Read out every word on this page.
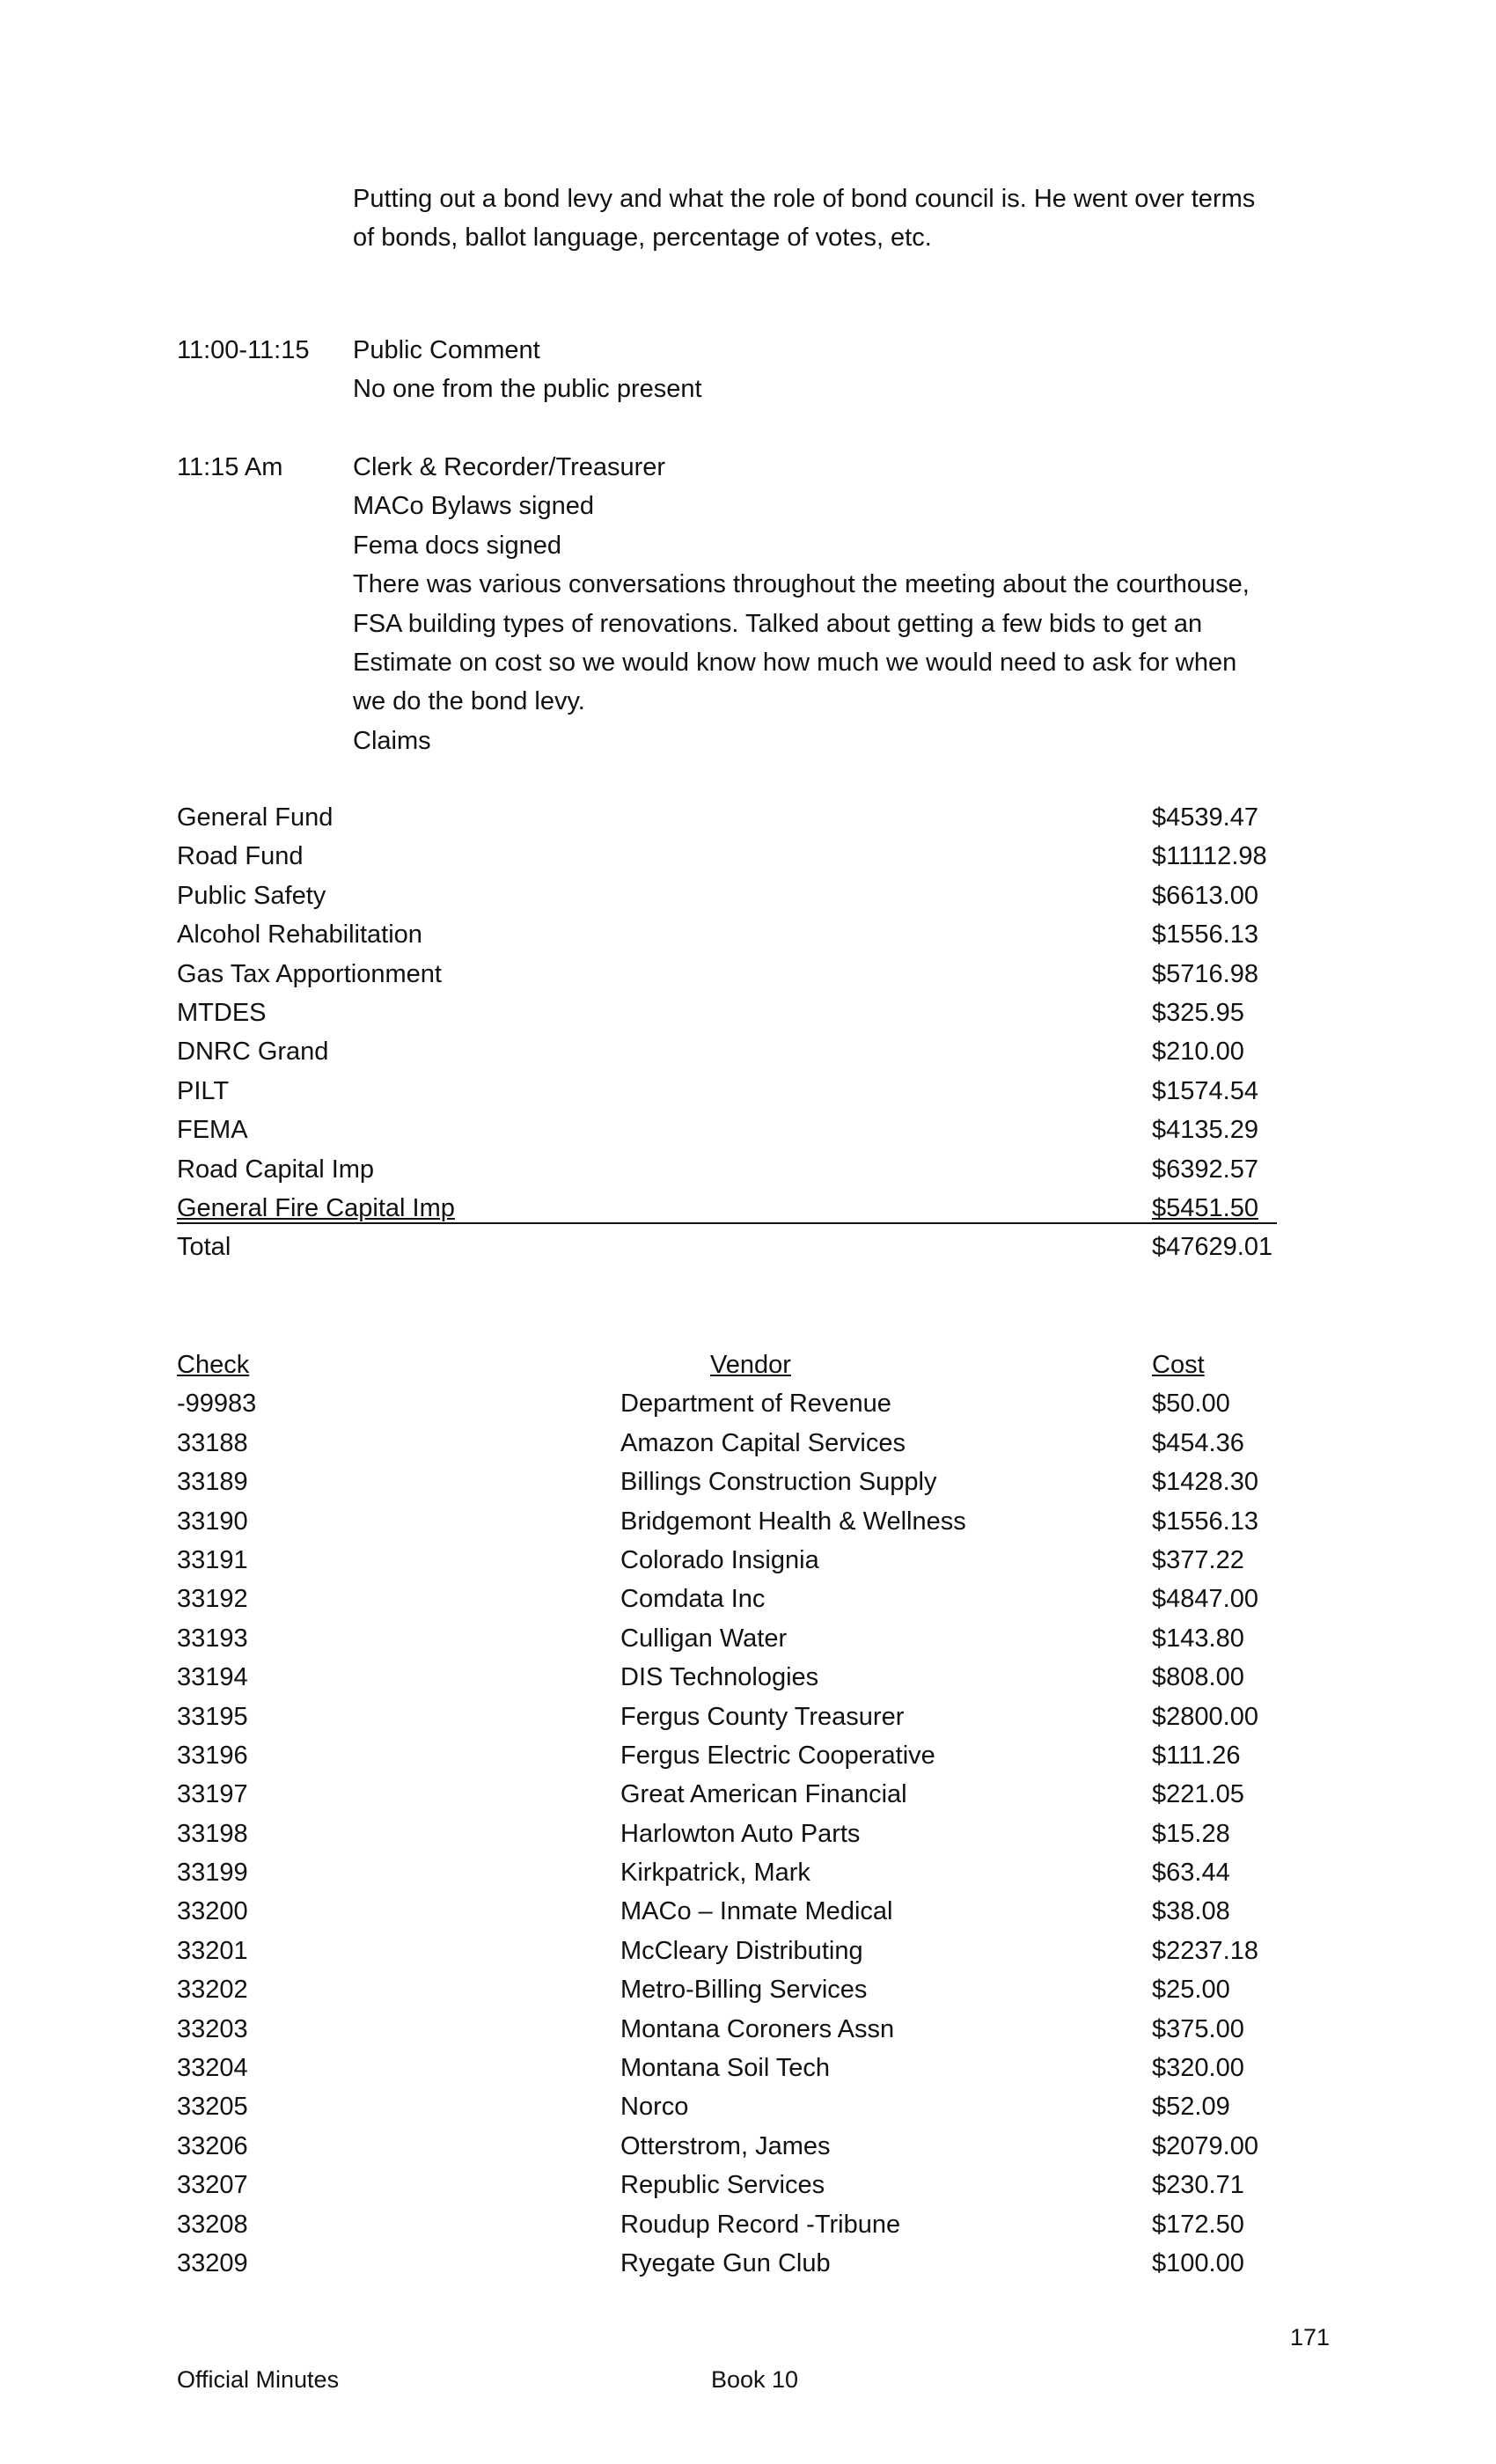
Putting out a bond levy and what the role of bond council is. He went over terms
of bonds, ballot language, percentage of votes, etc.
11:00-11:15 Public Comment
No one from the public present
11:15 Am	Clerk & Recorder/Treasurer
MACo Bylaws signed
Fema docs signed
There was various conversations throughout the meeting about the courthouse,
FSA building types of renovations. Talked about getting a few bids to get an
Estimate on cost so we would know how much we would need to ask for when
we do the bond levy.
Claims
General Fund	$4539.47
Road Fund	$11112.98
Public Safety	$6613.00
Alcohol Rehabilitation	$1556.13
Gas Tax Apportionment	$5716.98
MTDES	$325.95
DNRC Grand	$210.00
PILT	$1574.54
FEMA	$4135.29
Road Capital Imp	$6392.57
General Fire Capital Imp	$5451.50
Total	$47629.01
Check	Vendor	Cost
-99983	Department of Revenue	$50.00
33188	Amazon Capital Services	$454.36
33189	Billings Construction Supply	$1428.30
33190	Bridgemont Health & Wellness	$1556.13
33191	Colorado Insignia	$377.22
33192	Comdata Inc	$4847.00
33193	Culligan Water	$143.80
33194	DIS Technologies	$808.00
33195	Fergus County Treasurer	$2800.00
33196	Fergus Electric Cooperative	$111.26
33197	Great American Financial	$221.05
33198	Harlowton Auto Parts	$15.28
33199	Kirkpatrick, Mark	$63.44
33200	MACo – Inmate Medical	$38.08
33201	McCleary Distributing	$2237.18
33202	Metro-Billing Services	$25.00
33203	Montana Coroners Assn	$375.00
33204	Montana Soil Tech	$320.00
33205	Norco	$52.09
33206	Otterstrom, James	$2079.00
33207	Republic Services	$230.71
33208	Roudup Record -Tribune	$172.50
33209	Ryegate Gun Club	$100.00
171
Official Minutes	Book 10
